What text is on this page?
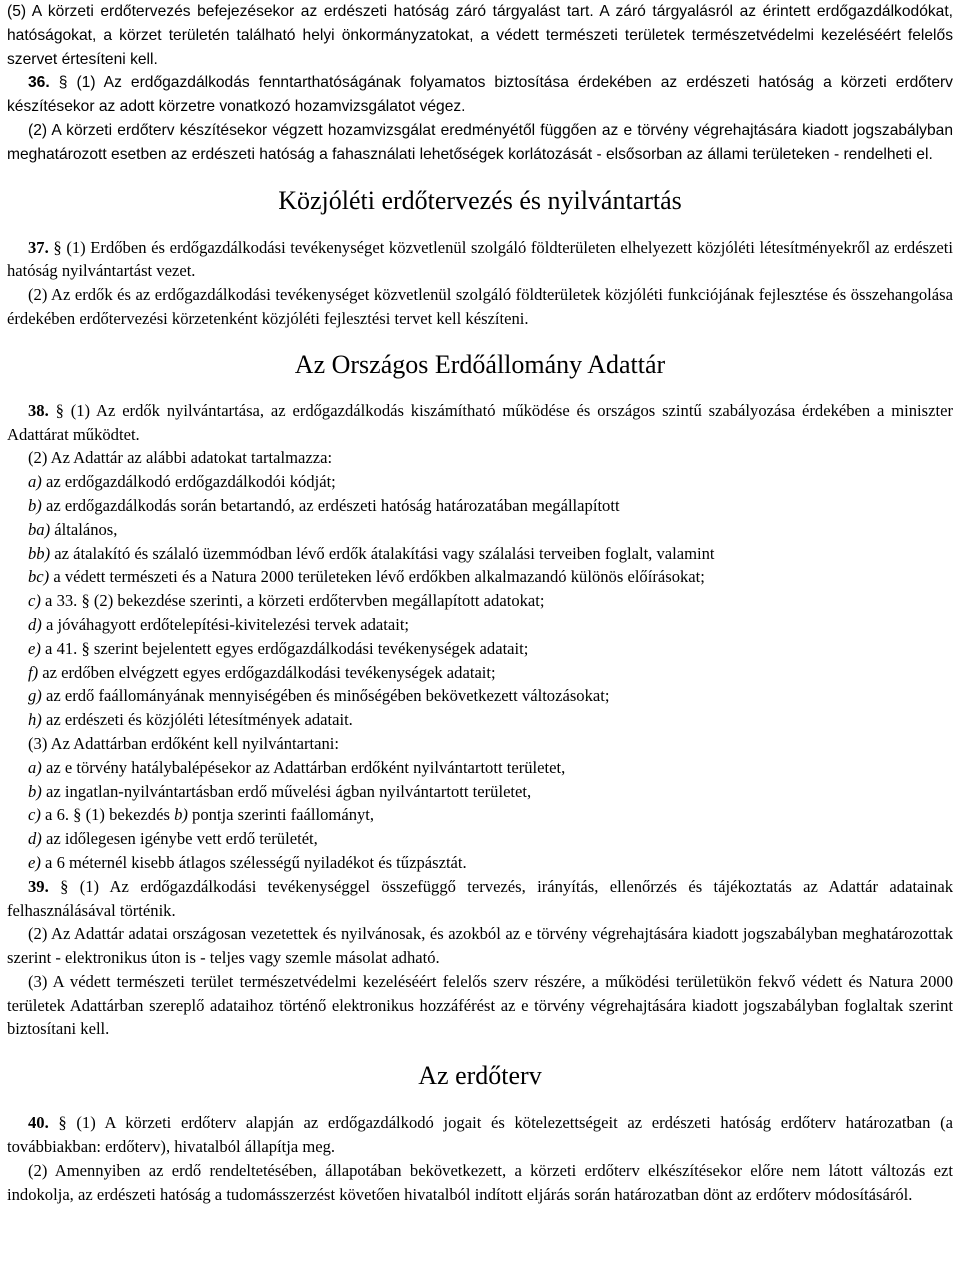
(5) A körzeti erdőtervezés befejezésekor az erdészeti hatóság záró tárgyalást tart. A záró tárgyalásról az érintett erdőgazdálkodókat, hatóságokat, a körzet területén található helyi önkormányzatokat, a védett természeti területek természetvédelmi kezeléséért felelős szervet értesíteni kell.

36. § (1) Az erdőgazdálkodás fenntarthatóságának folyamatos biztosítása érdekében az erdészeti hatóság a körzeti erdőterv készítésekor az adott körzetre vonatkozó hozamvizsgálatot végez.

(2) A körzeti erdőterv készítésekor végzett hozamvizsgálat eredményétől függően az e törvény végrehajtására kiadott jogszabályban meghatározott esetben az erdészeti hatóság a fahasználati lehetőségek korlátozását - elsősorban az állami területeken - rendelheti el.

Közjóléti erdőtervezés és nyilvántartás

37. § (1) Erdőben és erdőgazdálkodási tevékenységet közvetlenül szolgáló földterületen elhelyezett közjóléti létesítményekről az erdészeti hatóság nyilvántartást vezet.

(2) Az erdők és az erdőgazdálkodási tevékenységet közvetlenül szolgáló földterületek közjóléti funkciójának fejlesztése és összehangolása érdekében erdőtervezési körzetenként közjóléti fejlesztési tervet kell készíteni.

Az Országos Erdőállomány Adattár

38. § (1) Az erdők nyilvántartása, az erdőgazdálkodás kiszámítható működése és országos szintű szabályozása érdekében a miniszter Adattárat működtet.

(2) Az Adattár az alábbi adatokat tartalmazza:

a) az erdőgazdálkodó erdőgazdálkodói kódját;

b) az erdőgazdálkodás során betartandó, az erdészeti hatóság határozatában megállapított

ba) általános,

bb) az átalakító és szálaló üzemmódban lévő erdők átalakítási vagy szálalási terveiben foglalt, valamint

bc) a védett természeti és a Natura 2000 területeken lévő erdőkben alkalmazandó különös előírásokat;

c) a 33. § (2) bekezdése szerinti, a körzeti erdőtervben megállapított adatokat;

d) a jóváhagyott erdőtelepítési-kivitelezési tervek adatait;

e) a 41. § szerint bejelentett egyes erdőgazdálkodási tevékenységek adatait;

f) az erdőben elvégzett egyes erdőgazdálkodási tevékenységek adatait;

g) az erdő faállományának mennyiségében és minőségében bekövetkezett változásokat;

h) az erdészeti és közjóléti létesítmények adatait.

(3) Az Adattárban erdőként kell nyilvántartani:

a) az e törvény hatálybalépésekor az Adattárban erdőként nyilvántartott területet,

b) az ingatlan-nyilvántartásban erdő művelési ágban nyilvántartott területet,

c) a 6. § (1) bekezdés b) pontja szerinti faállományt,

d) az időlegesen igénybe vett erdő területét,

e) a 6 méternél kisebb átlagos szélességű nyiladékot és tűzpásztát.

39. § (1) Az erdőgazdálkodási tevékenységgel összefüggő tervezés, irányítás, ellenőrzés és tájékoztatás az Adattár adatainak felhasználásával történik.

(2) Az Adattár adatai országosan vezetettek és nyilvánosak, és azokból az e törvény végrehajtására kiadott jogszabályban meghatározottak szerint - elektronikus úton is - teljes vagy szemle másolat adható.

(3) A védett természeti terület természetvédelmi kezeléséért felelős szerv részére, a működési területükön fekvő védett és Natura 2000 területek Adattárban szereplő adataihoz történő elektronikus hozzáférést az e törvény végrehajtására kiadott jogszabályban foglaltak szerint biztosítani kell.

Az erdőterv

40. § (1) A körzeti erdőterv alapján az erdőgazdálkodó jogait és kötelezettségeit az erdészeti hatóság erdőterv határozatban (a továbbiakban: erdőterv), hivatalból állapítja meg.

(2) Amennyiben az erdő rendeltetésében, állapotában bekövetkezett, a körzeti erdőterv elkészítésekor előre nem látott változás ezt indokolja, az erdészeti hatóság a tudomásszerzést követően hivatalból indított eljárás során határozatban dönt az erdőterv módosításáról.
